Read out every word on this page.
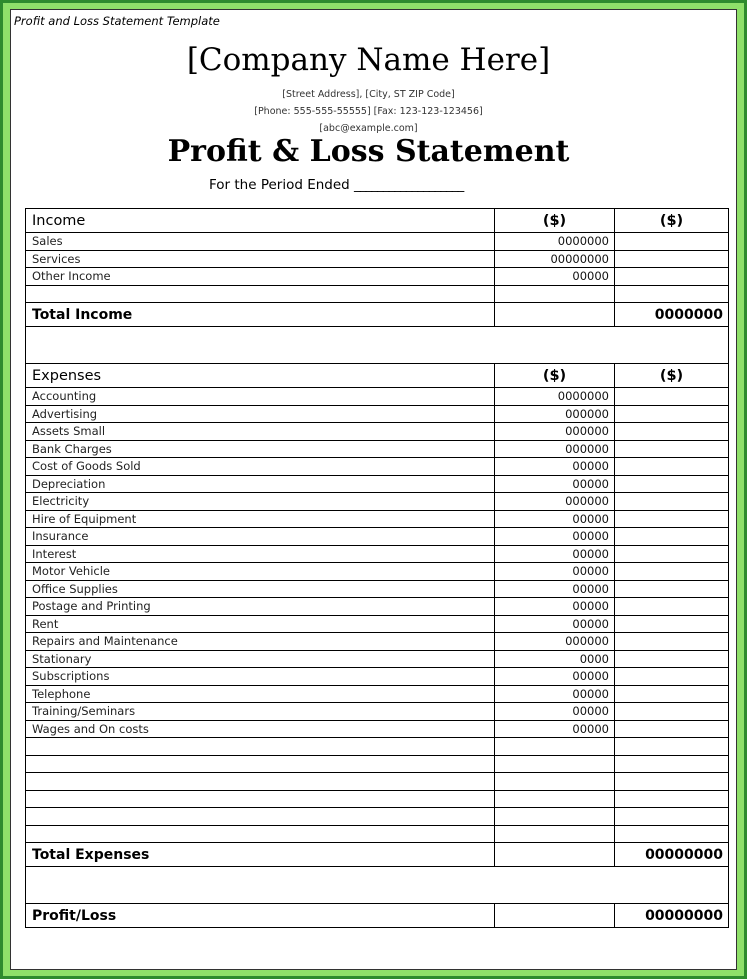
Profit and Loss Statement Template
[Company Name Here]
[Street Address], [City, ST ZIP Code]
[Phone: 555-555-55555] [Fax: 123-123-123456]
[abc@example.com]
Profit & Loss Statement
For the Period Ended ___________________
Income	($)	($)
Sales	0000000	
Services	00000000	
Other Income	00000	

Total Income		0000000

Expenses	($)	($)
Accounting	0000000	
Advertising	000000	
Assets Small	000000	
Bank Charges	000000	
Cost of Goods Sold	00000	
Depreciation	00000	
Electricity	000000	
Hire of Equipment	00000	
Insurance	00000	
Interest	00000	
Motor Vehicle	00000	
Office Supplies	00000	
Postage and Printing	00000	
Rent	00000	
Repairs and Maintenance	000000	
Stationary	0000	
Subscriptions	00000	
Telephone	00000	
Training/Seminars	00000	
Wages and On costs	00000	

Total Expenses		00000000

Profit/Loss		00000000
